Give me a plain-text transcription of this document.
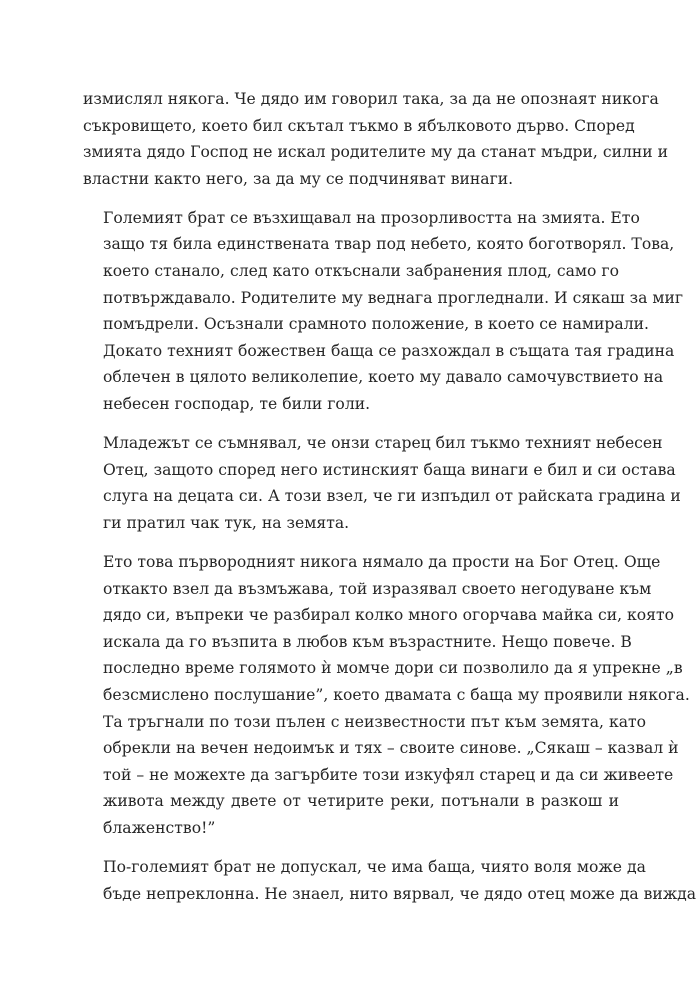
измислял някога. Че дядо им говорил така, за да не опознаят никога
съкровището, което бил скътал тъкмо в ябълковото дърво. Според
змията дядо Господ не искал родителите му да станат мъдри, силни и
властни както него, за да му се подчиняват винаги.

Големият брат се възхищавал на прозорливостта на змията. Ето
защо тя била единствената твар под небето, която боготворял. Това,
което станало, след като откъснали забранения плод, само го
потвърждавало. Родителите му веднага прогледнали. И сякаш за миг
помъдрели. Осъзнали срамното положение, в което се намирали.
Докато техният божествен баща се разхождал в същата тая градина
облечен в цялото великолепие, което му давало самочувствието на
небесен господар, те били голи.

Младежът се съмнявал, че онзи старец бил тъкмо техният небесен
Отец, защото според него истинският баща винаги е бил и си остава
слуга на децата си. А този взел, че ги изпъдил от райската градина и
ги пратил чак тук, на земята.

Ето това първородният никога нямало да прости на Бог Отец. Още
откакто взел да възмъжава, той изразявал своето негодуване към
дядо си, въпреки че разбирал колко много огорчава майка си, която
искала да го възпита в любов към възрастните. Нещо повече. В
последно време голямото ѝ момче дори си позволило да я упрекне „в
безсмислено послушание”, което двамата с баща му проявили някога.
Та тръгнали по този пълен с неизвестности път към земята, като
обрекли на вечен недоимък и тях – своите синове. „Сякаш – казвал ѝ
той – не можехте да загърбите този изкуфял старец и да си живеете
живота между двете от четирите реки, потънали в разкош и
блаженство!”

По-големият брат не допускал, че има баща, чиято воля може да
бъде непреклонна. Не знаел, нито вярвал, че дядо отец може да вижда
